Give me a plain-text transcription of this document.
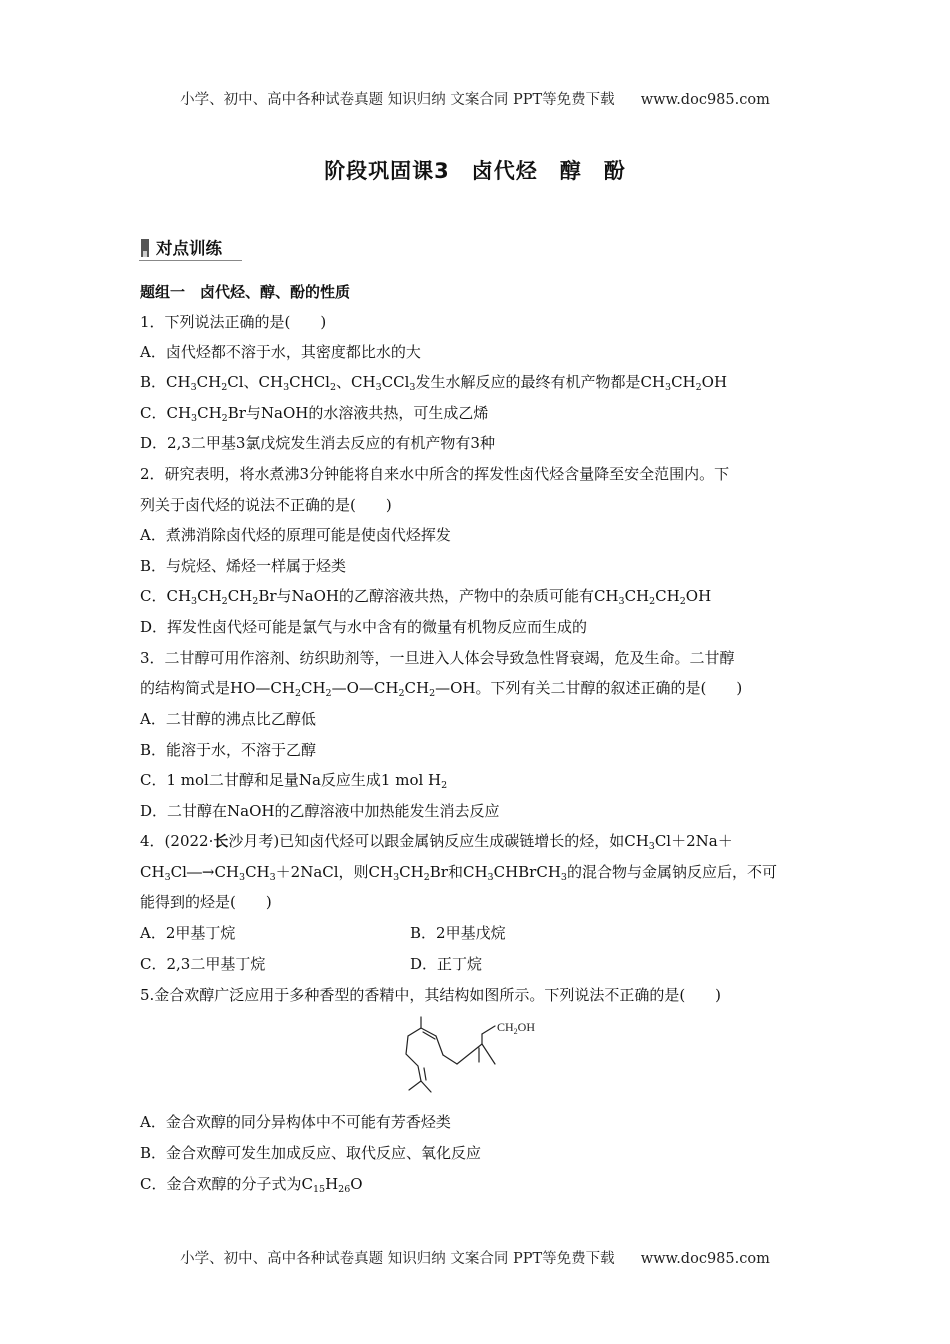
小学、初中、高中各种试卷真题 知识归纳 文案合同 PPT等免费下载 www.doc985.com
阶段巩固课3　卤代烃　醇　酚
对点训练
题组一　卤代烃、醇、酚的性质
1．下列说法正确的是(　　)
A．卤代烃都不溶于水，其密度都比水的大
B．$CH_3CH_2Cl$、$CH_3CHCl_2$、$CH_3CCl_3$发生水解反应的最终有机产物都是$CH_3CH_2OH$
C．$CH_3CH_2Br$与NaOH的水溶液共热，可生成乙烯
D．2,3二甲基3氯戊烷发生消去反应的有机产物有3种
2．研究表明，将水煮沸3分钟能将自来水中所含的挥发性卤代烃含量降至安全范围内。下
列关于卤代烃的说法不正确的是(　　)
A．煮沸消除卤代烃的原理可能是使卤代烃挥发
B．与烷烃、烯烃一样属于烃类
C．$CH_3CH_2CH_2Br$与NaOH的乙醇溶液共热，产物中的杂质可能有$CH_3CH_2CH_2OH$
D．挥发性卤代烃可能是氯气与水中含有的微量有机物反应而生成的
3．二甘醇可用作溶剂、纺织助剂等，一旦进入人体会导致急性肾衰竭，危及生命。二甘醇
的结构简式是$HO—CH_2CH_2—O—CH_2CH_2—OH$。下列有关二甘醇的叙述正确的是(　　)
A．二甘醇的沸点比乙醇低
B．能溶于水，不溶于乙醇
C．1 mol二甘醇和足量Na反应生成1 mol $H_2$
D．二甘醇在NaOH的乙醇溶液中加热能发生消去反应
4．(2022·长沙月考)已知卤代烃可以跟金属钠反应生成碳链增长的烃，如$CH_3Cl+2Na+$
$CH_3Cl―\to CH_3CH_3+2NaCl$，则$CH_3CH_2Br$和$CH_3CHBrCH_3$的混合物与金属钠反应后，不可
能得到的烃是(　　)
A．2甲基丁烷	B．2甲基戊烷
C．2,3二甲基丁烷	D．正丁烷
5.金合欢醇广泛应用于多种香型的香精中，其结构如图所示。下列说法不正确的是(　　)
$CH_2OH$
A．金合欢醇的同分异构体中不可能有芳香烃类
B．金合欢醇可发生加成反应、取代反应、氧化反应
C．金合欢醇的分子式为$C_{15}H_{26}O$
小学、初中、高中各种试卷真题 知识归纳 文案合同 PPT等免费下载 www.doc985.com
